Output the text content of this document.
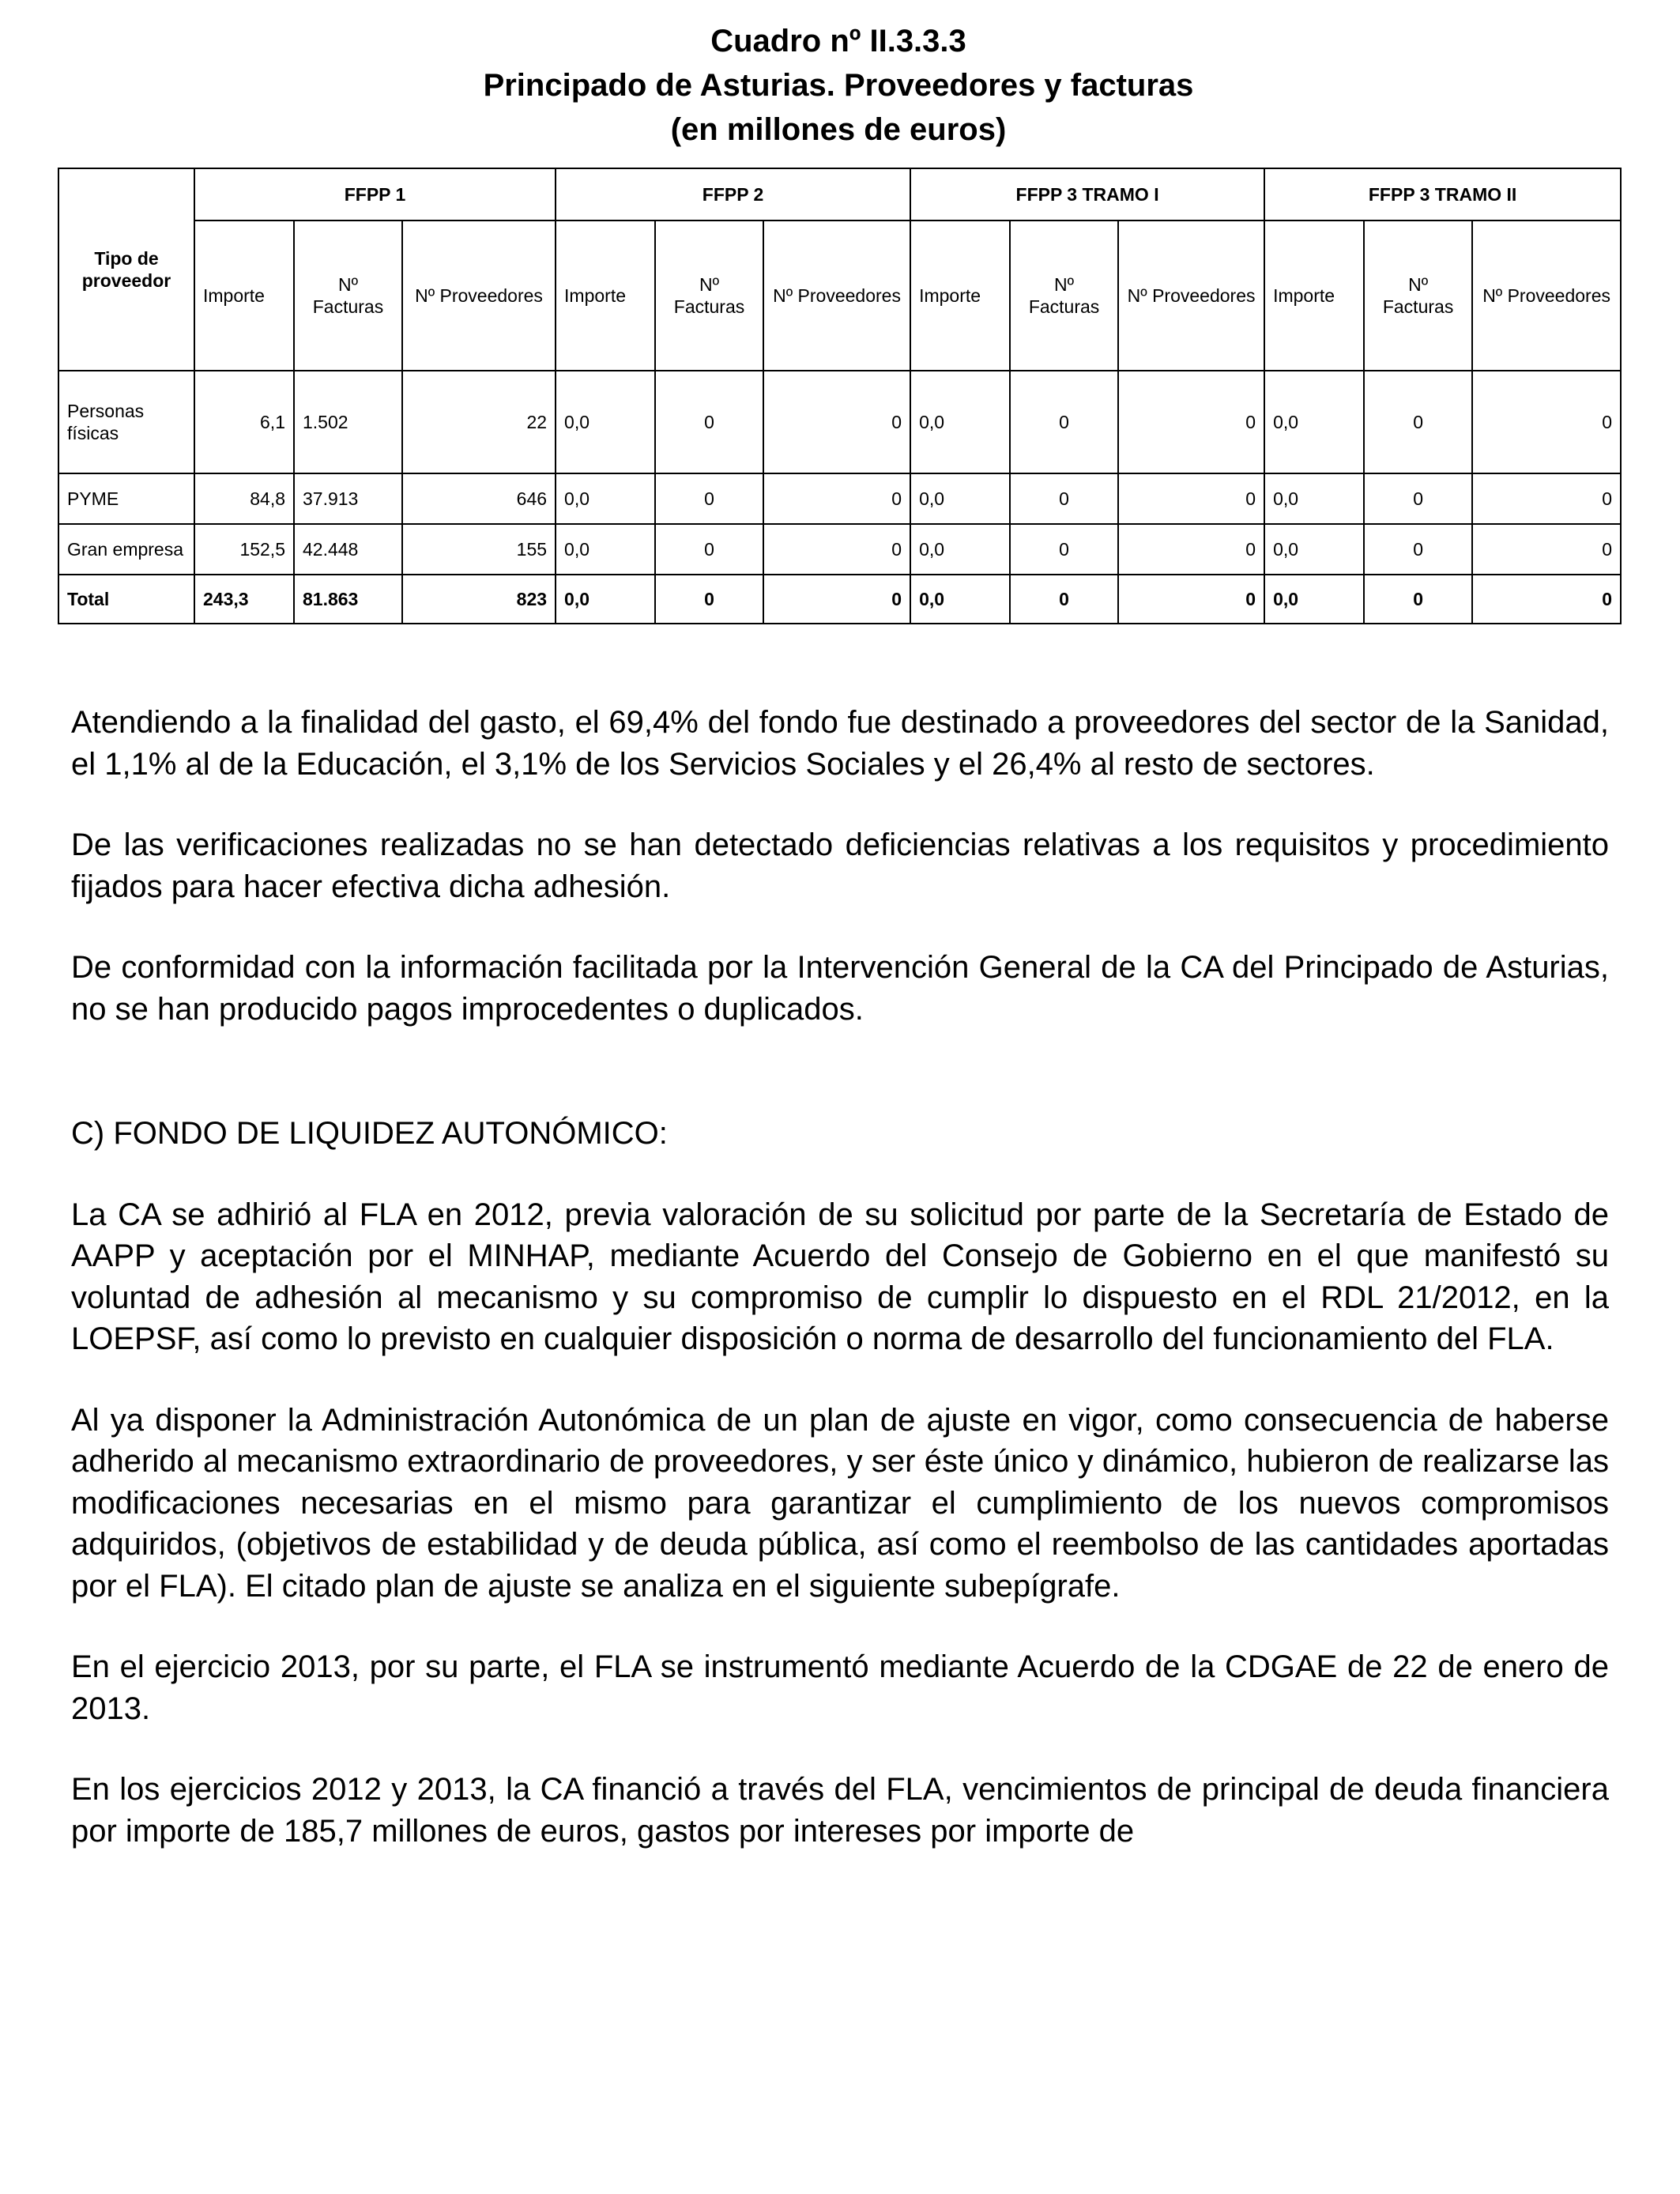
Cuadro nº II.3.3.3
Principado de Asturias. Proveedores y facturas
(en millones de euros)
Tipo de proveedor	FFPP 1			FFPP 2			FFPP 3 TRAMO I			FFPP 3 TRAMO II		
	Importe	Nº Facturas	Nº Proveedores	Importe	Nº Facturas	Nº Proveedores	Importe	Nº Facturas	Nº Proveedores	Importe	Nº Facturas	Nº Proveedores
Personas físicas	6,1	1.502	22	0,0	0	0	0,0	0	0	0,0	0	0
PYME	84,8	37.913	646	0,0	0	0	0,0	0	0	0,0	0	0
Gran empresa	152,5	42.448	155	0,0	0	0	0,0	0	0	0,0	0	0
Total	243,3	81.863	823	0,0	0	0	0,0	0	0	0,0	0	0

Atendiendo a la finalidad del gasto, el 69,4% del fondo fue destinado a proveedores del sector de la Sanidad, el 1,1% al de la Educación, el 3,1% de los Servicios Sociales y el 26,4% al resto de sectores.

De las verificaciones realizadas no se han detectado deficiencias relativas a los requisitos y procedimiento fijados para hacer efectiva dicha adhesión.

De conformidad con la información facilitada por la Intervención General de la CA del Principado de Asturias, no se han producido pagos improcedentes o duplicados.

C) FONDO DE LIQUIDEZ AUTONÓMICO:

La CA se adhirió al FLA en 2012, previa valoración de su solicitud por parte de la Secretaría de Estado de AAPP y aceptación por el MINHAP, mediante Acuerdo del Consejo de Gobierno en el que manifestó su voluntad de adhesión al mecanismo y su compromiso de cumplir lo dispuesto en el RDL 21/2012, en la LOEPSF, así como lo previsto en cualquier disposición o norma de desarrollo del funcionamiento del FLA.

Al ya disponer la Administración Autonómica de un plan de ajuste en vigor, como consecuencia de haberse adherido al mecanismo extraordinario de proveedores, y ser éste único y dinámico, hubieron de realizarse las modificaciones necesarias en el mismo para garantizar el cumplimiento de los nuevos compromisos adquiridos, (objetivos de estabilidad y de deuda pública, así como el reembolso de las cantidades aportadas por el FLA). El citado plan de ajuste se analiza en el siguiente subepígrafe.

En el ejercicio 2013, por su parte, el FLA se instrumentó mediante Acuerdo de la CDGAE de 22 de enero de 2013.

En los ejercicios 2012 y 2013, la CA financió a través del FLA, vencimientos de principal de deuda financiera por importe de 185,7 millones de euros, gastos por intereses por importe de
